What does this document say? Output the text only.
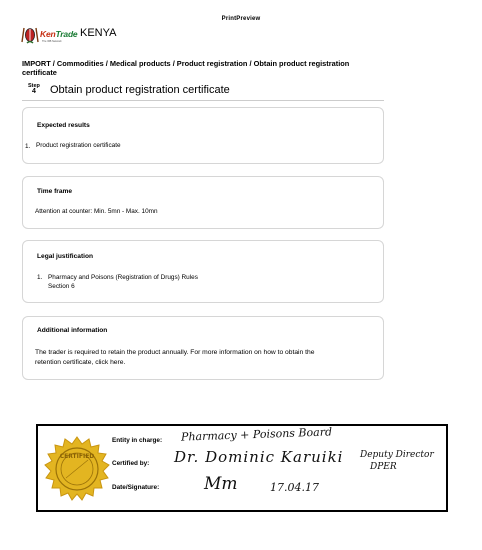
PrintPreview
KenTrade
The WB Network
KENYA
IMPORT / Commodities / Medical products / Product registration / Obtain product registration certificate
Step
4	Obtain product registration certificate
Expected results
1. Product registration certificate
Time frame
Attention at counter: Min. 5mn - Max. 10mn
Legal justification
1. Pharmacy and Poisons (Registration of Drugs) Rules
Section 6
Additional information
The trader is required to retain the product annually. For more information on how to obtain the
retention certificate, click here.
CERTIFIED
Entity in charge: Pharmacy + Poisons Board
Certified by: Dr. Dominic Karuiki Deputy Director
DPER
Date/Signature:	Mm	17.04.17
